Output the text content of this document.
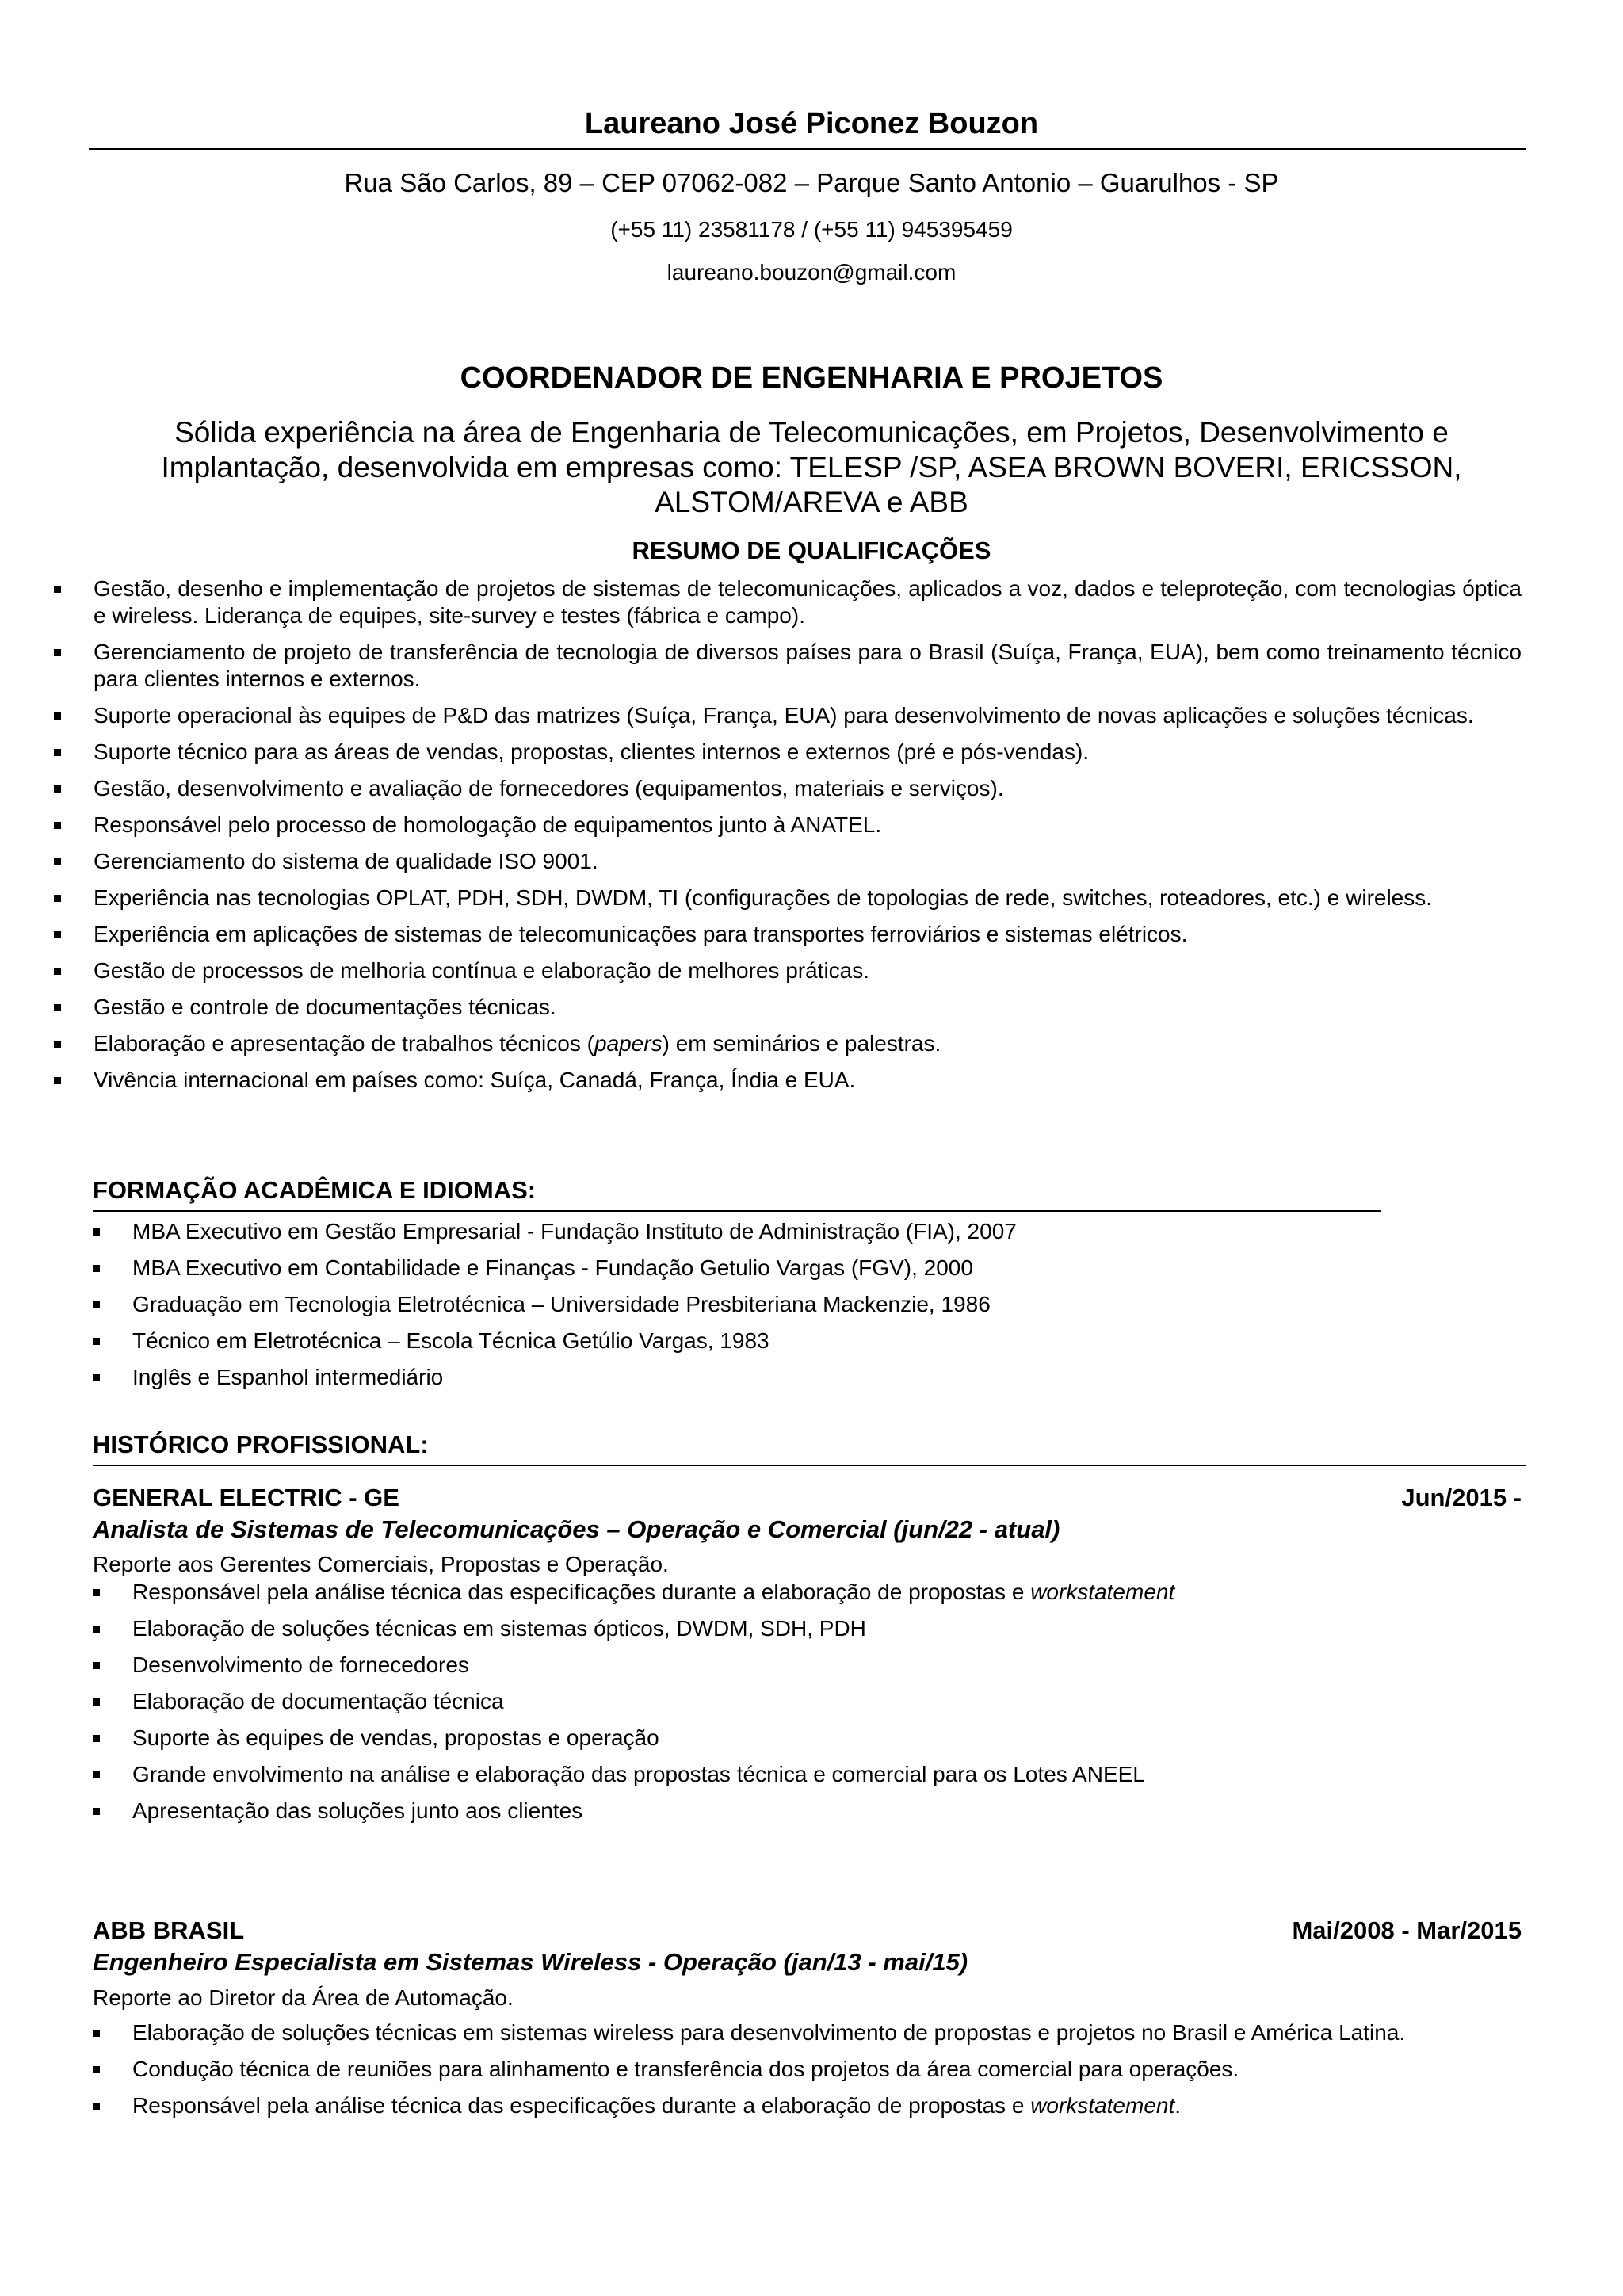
Laureano José Piconez Bouzon
Rua São Carlos, 89 – CEP 07062-082 – Parque Santo Antonio – Guarulhos - SP
(+55 11) 23581178 / (+55 11) 945395459
laureano.bouzon@gmail.com
COORDENADOR DE ENGENHARIA E PROJETOS
Sólida experiência na área de Engenharia de Telecomunicações, em Projetos, Desenvolvimento e
Implantação, desenvolvida em empresas como: TELESP /SP, ASEA BROWN BOVERI, ERICSSON,
ALSTOM/AREVA e ABB
RESUMO DE QUALIFICAÇÕES
Gestão, desenho e implementação de projetos de sistemas de telecomunicações, aplicados a voz, dados e teleproteção, com tecnologias óptica e wireless. Liderança de equipes, site-survey e testes (fábrica e campo).
Gerenciamento de projeto de transferência de tecnologia de diversos países para o Brasil (Suíça, França, EUA), bem como treinamento técnico para clientes internos e externos.
Suporte operacional às equipes de P&D das matrizes (Suíça, França, EUA) para desenvolvimento de novas aplicações e soluções técnicas.
Suporte técnico para as áreas de vendas, propostas, clientes internos e externos (pré e pós-vendas).
Gestão, desenvolvimento e avaliação de fornecedores (equipamentos, materiais e serviços).
Responsável pelo processo de homologação de equipamentos junto à ANATEL.
Gerenciamento do sistema de qualidade ISO 9001.
Experiência nas tecnologias OPLAT, PDH, SDH, DWDM, TI (configurações de topologias de rede, switches, roteadores, etc.) e wireless.
Experiência em aplicações de sistemas de telecomunicações para transportes ferroviários e sistemas elétricos.
Gestão de processos de melhoria contínua e elaboração de melhores práticas.
Gestão e controle de documentações técnicas.
Elaboração e apresentação de trabalhos técnicos (papers) em seminários e palestras.
Vivência internacional em países como: Suíça, Canadá, França, Índia e EUA.
FORMAÇÃO ACADÊMICA E IDIOMAS:
MBA Executivo em Gestão Empresarial - Fundação Instituto de Administração (FIA), 2007
MBA Executivo em Contabilidade e Finanças - Fundação Getulio Vargas (FGV), 2000
Graduação em Tecnologia Eletrotécnica – Universidade Presbiteriana Mackenzie, 1986
Técnico em Eletrotécnica – Escola Técnica Getúlio Vargas, 1983
Inglês e Espanhol intermediário
HISTÓRICO PROFISSIONAL:
GENERAL ELECTRIC - GE	Jun/2015 -
Analista de Sistemas de Telecomunicações – Operação e Comercial (jun/22 - atual)
Reporte aos Gerentes Comerciais, Propostas e Operação.
Responsável pela análise técnica das especificações durante a elaboração de propostas e workstatement
Elaboração de soluções técnicas em sistemas ópticos, DWDM, SDH, PDH
Desenvolvimento de fornecedores
Elaboração de documentação técnica
Suporte às equipes de vendas, propostas e operação
Grande envolvimento na análise e elaboração das propostas técnica e comercial para os Lotes ANEEL
Apresentação das soluções junto aos clientes
ABB BRASIL	Mai/2008 - Mar/2015
Engenheiro Especialista em Sistemas Wireless - Operação (jan/13 - mai/15)
Reporte ao Diretor da Área de Automação.
Elaboração de soluções técnicas em sistemas wireless para desenvolvimento de propostas e projetos no Brasil e América Latina.
Condução técnica de reuniões para alinhamento e transferência dos projetos da área comercial para operações.
Responsável pela análise técnica das especificações durante a elaboração de propostas e workstatement.
